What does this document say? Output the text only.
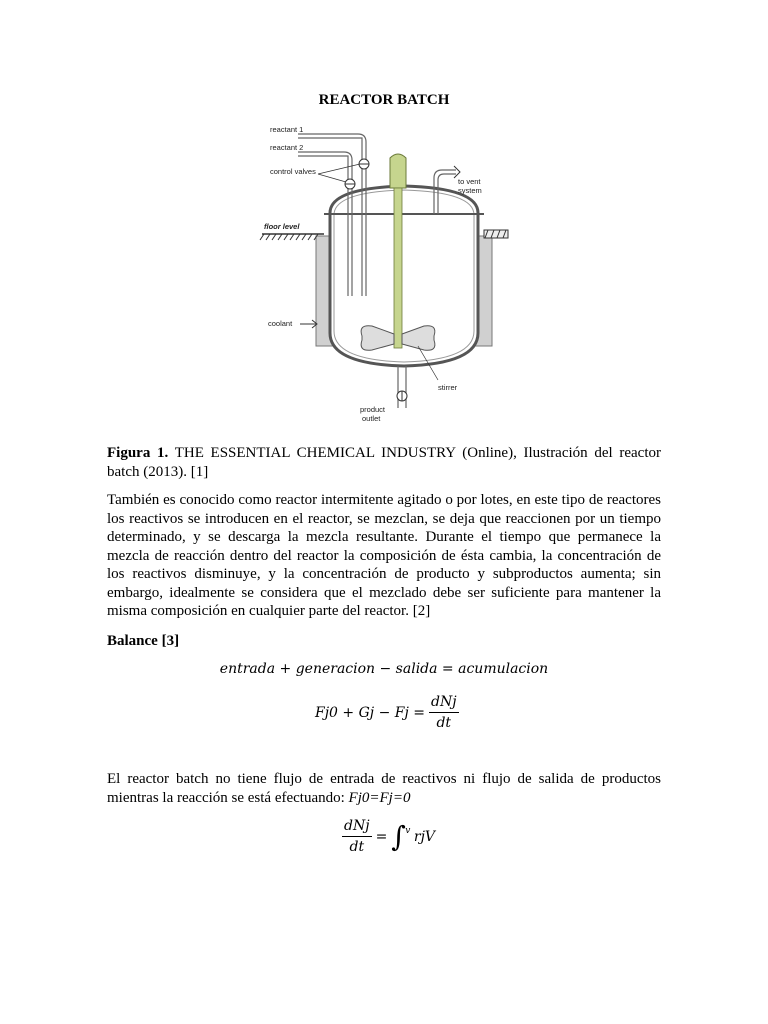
REACTOR BATCH
reactant 1
reactant 2
control valves
to vent
system
floor level
coolant
stirrer
product
outlet
Figura 1. THE ESSENTIAL CHEMICAL INDUSTRY (Online), Ilustración del reactor batch (2013). [1]
También es conocido como reactor intermitente agitado o por lotes, en este tipo de reactores los reactivos se introducen en el reactor, se mezclan, se deja que reaccionen por un tiempo determinado, y se descarga la mezcla resultante. Durante el tiempo que permanece la mezcla de reacción dentro del reactor la composición de ésta cambia, la concentración de los reactivos disminuye, y la concentración de producto y subproductos aumenta; sin embargo, idealmente se considera que el mezclado debe ser suficiente para mantener la misma composición en cualquier parte del reactor. [2]
Balance [3]
entrada + generacion − salida = acumulacion
$Fj0 + Gj - Fj = \frac{\text{dNj}}{dt}$
El reactor batch no tiene flujo de entrada de reactivos ni flujo de salida de productos mientras la reacción se está efectuando: Fj0=Fj=0
$\frac{\text{dNj}}{dt}$ = ∫ v rjV
